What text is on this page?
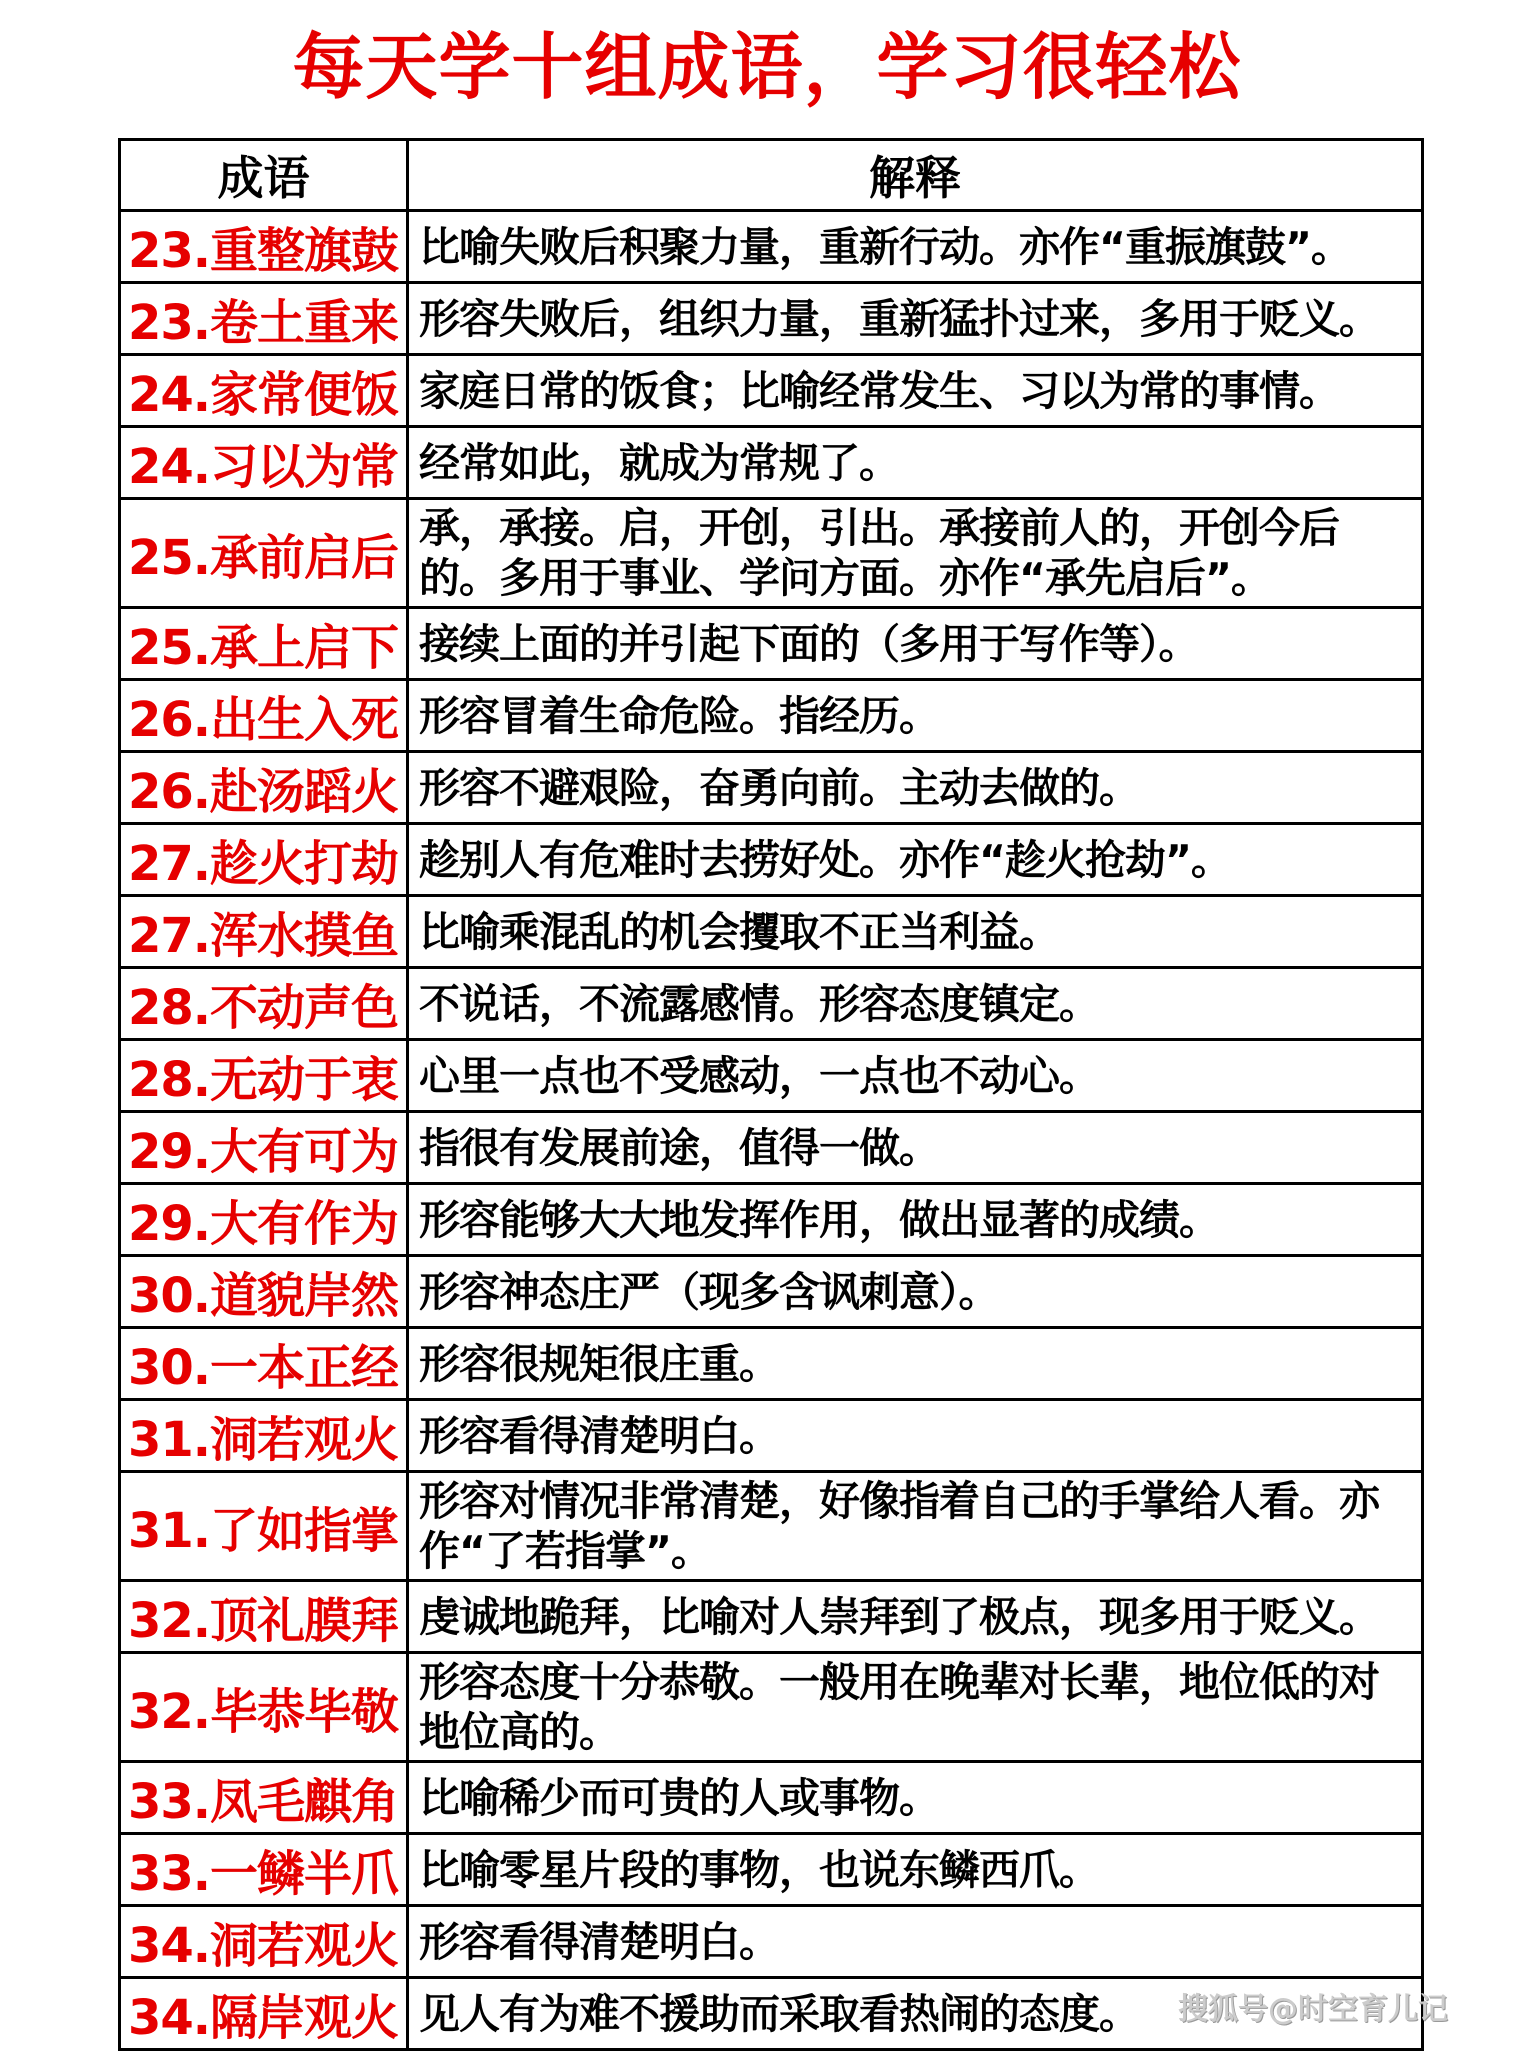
每天学十组成语，学习很轻松
成语	解释
23.重整旗鼓	比喻失败后积聚力量，重新行动。亦作“重振旗鼓”。
23.卷土重来	形容失败后，组织力量，重新猛扑过来，多用于贬义。
24.家常便饭	家庭日常的饭食；比喻经常发生、习以为常的事情。
24.习以为常	经常如此，就成为常规了。
25.承前启后	承，承接。启，开创，引出。承接前人的，开创今后的。多用于事业、学问方面。亦作“承先启后”。
25.承上启下	接续上面的并引起下面的（多用于写作等）。
26.出生入死	形容冒着生命危险。指经历。
26.赴汤蹈火	形容不避艰险，奋勇向前。主动去做的。
27.趁火打劫	趁别人有危难时去捞好处。亦作“趁火抢劫”。
27.浑水摸鱼	比喻乘混乱的机会攫取不正当利益。
28.不动声色	不说话，不流露感情。形容态度镇定。
28.无动于衷	心里一点也不受感动，一点也不动心。
29.大有可为	指很有发展前途，值得一做。
29.大有作为	形容能够大大地发挥作用，做出显著的成绩。
30.道貌岸然	形容神态庄严（现多含讽刺意）。
30.一本正经	形容很规矩很庄重。
31.洞若观火	形容看得清楚明白。
31.了如指掌	形容对情况非常清楚，好像指着自己的手掌给人看。亦作“了若指掌”。
32.顶礼膜拜	虔诚地跪拜，比喻对人崇拜到了极点，现多用于贬义。
32.毕恭毕敬	形容态度十分恭敬。一般用在晚辈对长辈，地位低的对地位高的。
33.凤毛麒角	比喻稀少而可贵的人或事物。
33.一鳞半爪	比喻零星片段的事物，也说东鳞西爪。
34.洞若观火	形容看得清楚明白。
34.隔岸观火	见人有为难不援助而采取看热闹的态度。 搜狐号@时空育儿记
